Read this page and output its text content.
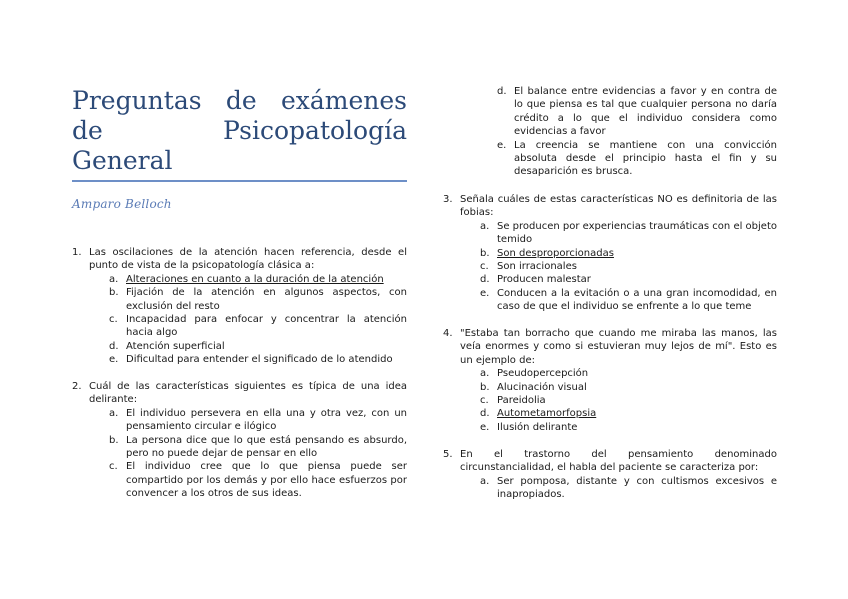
Preguntas de exámenes
de	Psicopatología
General
Amparo Belloch
1. Las oscilaciones de la atención hacen referencia, desde el punto de vista de la psicopatología clásica a:
a. Alteraciones en cuanto a la duración de la atención
b. Fijación de la atención en algunos aspectos, con exclusión del resto
c. Incapacidad para enfocar y concentrar la atención hacia algo
d. Atención superficial
e. Dificultad para entender el significado de lo atendido
2. Cuál de las características siguientes es típica de una idea delirante:
a. El individuo persevera en ella una y otra vez, con un pensamiento circular e ilógico
b. La persona dice que lo que está pensando es absurdo, pero no puede dejar de pensar en ello
c. El individuo cree que lo que piensa puede ser compartido por los demás y por ello hace esfuerzos por convencer a los otros de sus ideas.
d. El balance entre evidencias a favor y en contra de lo que piensa es tal que cualquier persona no daría crédito a lo que el individuo considera como evidencias a favor
e. La creencia se mantiene con una convicción absoluta desde el principio hasta el fin y su desaparición es brusca.
3. Señala cuáles de estas características NO es definitoria de las fobias:
a. Se producen por experiencias traumáticas con el objeto temido
b. Son desproporcionadas
c. Son irracionales
d. Producen malestar
e. Conducen a la evitación o a una gran incomodidad, en caso de que el individuo se enfrente a lo que teme
4. "Estaba tan borracho que cuando me miraba las manos, las veía enormes y como si estuvieran muy lejos de mí". Esto es un ejemplo de:
a. Pseudopercepción
b. Alucinación visual
c. Pareidolia
d. Autometamorfopsia
e. Ilusión delirante
5. En el trastorno del pensamiento denominado circunstancialidad, el habla del paciente se caracteriza por:
a. Ser pomposa, distante y con cultismos excesivos e inapropiados.
